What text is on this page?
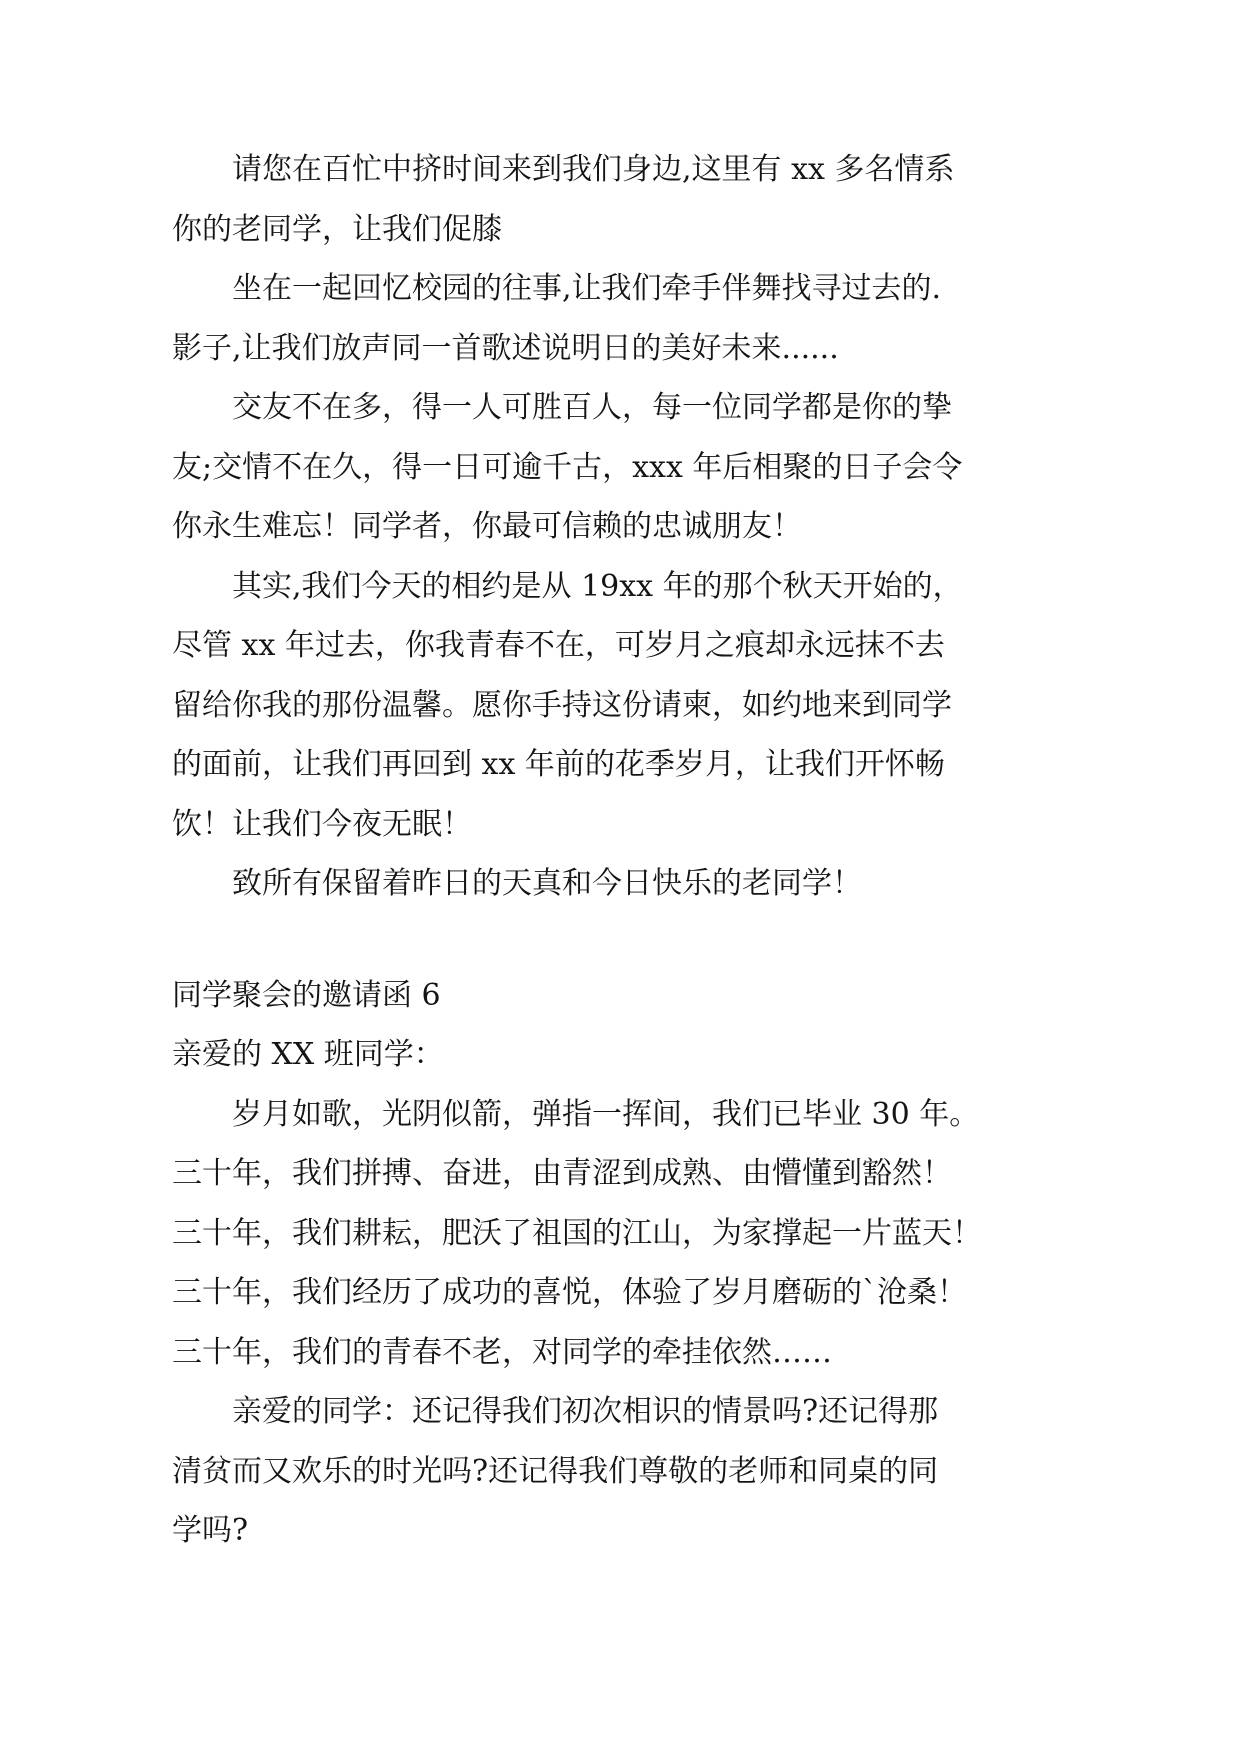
请您在百忙中挤时间来到我们身边,这里有 xx 多名情系
你的老同学，让我们促膝
坐在一起回忆校园的往事,让我们牵手伴舞找寻过去的.
影子,让我们放声同一首歌述说明日的美好未来......
交友不在多，得一人可胜百人，每一位同学都是你的挚
友;交情不在久，得一日可逾千古，xxx 年后相聚的日子会令
你永生难忘！同学者，你最可信赖的忠诚朋友！
其实,我们今天的相约是从 19xx 年的那个秋天开始的，
尽管 xx 年过去，你我青春不在，可岁月之痕却永远抹不去
留给你我的那份温馨。愿你手持这份请柬，如约地来到同学
的面前，让我们再回到 xx 年前的花季岁月，让我们开怀畅
饮！让我们今夜无眠！
致所有保留着昨日的天真和今日快乐的老同学！
同学聚会的邀请函 6
亲爱的 XX 班同学：
岁月如歌，光阴似箭，弹指一挥间，我们已毕业 30 年。
三十年，我们拼搏、奋进，由青涩到成熟、由懵懂到豁然！
三十年，我们耕耘，肥沃了祖国的江山，为家撑起一片蓝天！
三十年，我们经历了成功的喜悦，体验了岁月磨砺的`沧桑！
三十年，我们的青春不老，对同学的牵挂依然……
亲爱的同学：还记得我们初次相识的情景吗?还记得那
清贫而又欢乐的时光吗?还记得我们尊敬的老师和同桌的同
学吗?
